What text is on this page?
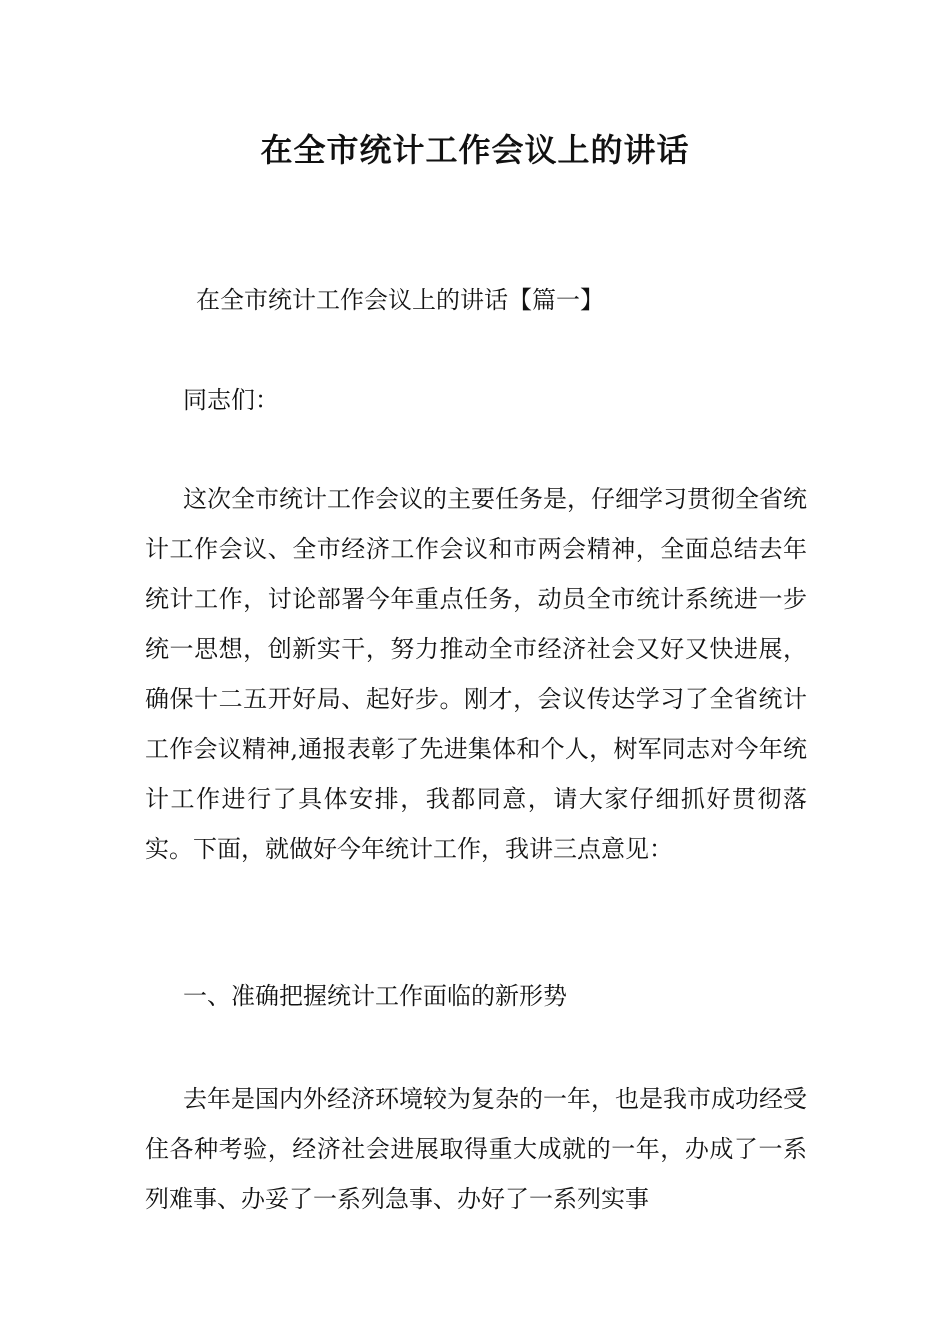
在全市统计工作会议上的讲话

在全市统计工作会议上的讲话【篇一】

同志们：

这次全市统计工作会议的主要任务是，仔细学习贯彻全省统计工作会议、全市经济工作会议和市两会精神，全面总结去年统计工作，讨论部署今年重点任务，动员全市统计系统进一步统一思想，创新实干，努力推动全市经济社会又好又快进展，确保十二五开好局、起好步。刚才，会议传达学习了全省统计工作会议精神,通报表彰了先进集体和个人，树军同志对今年统计工作进行了具体安排，我都同意，请大家仔细抓好贯彻落实。下面，就做好今年统计工作，我讲三点意见：

一、准确把握统计工作面临的新形势

去年是国内外经济环境较为复杂的一年，也是我市成功经受住各种考验，经济社会进展取得重大成就的一年，办成了一系列难事、办妥了一系列急事、办好了一系列实事
